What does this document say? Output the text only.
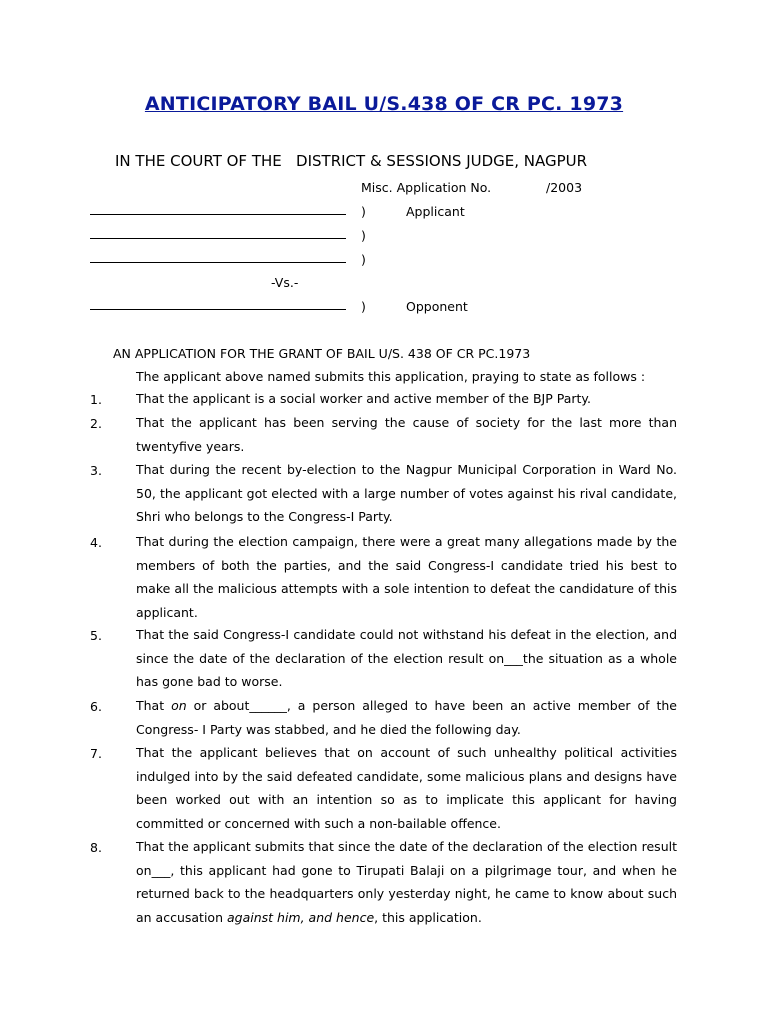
ANTICIPATORY BAIL U/S.438 OF CR PC. 1973
IN THE COURT OF THE   DISTRICT & SESSIONS JUDGE, NAGPUR
Misc. Application No.	/2003
)	Applicant
)
)
-Vs.-
)	Opponent
AN APPLICATION FOR THE GRANT OF BAIL U/S. 438 OF CR PC.1973
The applicant above named submits this application, praying to state as follows :
1.	That the applicant is a social worker and active member of the BJP Party.
2.	That the applicant has been serving the cause of society for the last more than twentyfive years.
3.	That during the recent by-election to the Nagpur Municipal Corporation in Ward No. 50, the applicant got elected with a large number of votes against his rival candidate, Shri who belongs to the Congress-I Party.
4.	That during the election campaign, there were a great many allegations made by the members of both the parties, and the said Congress-I candidate tried his best to make all the malicious attempts with a sole intention to defeat the candidature of this applicant.
5.	That the said Congress-I candidate could not withstand his defeat in the election, and since the date of the declaration of the election result on___the situation as a whole has gone bad to worse.
6.	That on or about______, a person alleged to have been an active member of the Congress- I Party was stabbed, and he died the following day.
7.	That the applicant believes that on account of such unhealthy political activities indulged into by the said defeated candidate, some malicious plans and designs have been worked out with an intention so as to implicate this applicant for having committed or concerned with such a non-bailable offence.
8.	That the applicant submits that since the date of the declaration of the election result on___, this applicant had gone to Tirupati Balaji on a pilgrimage tour, and when he returned back to the headquarters only yesterday night, he came to know about such an accusation against him, and hence, this application.
